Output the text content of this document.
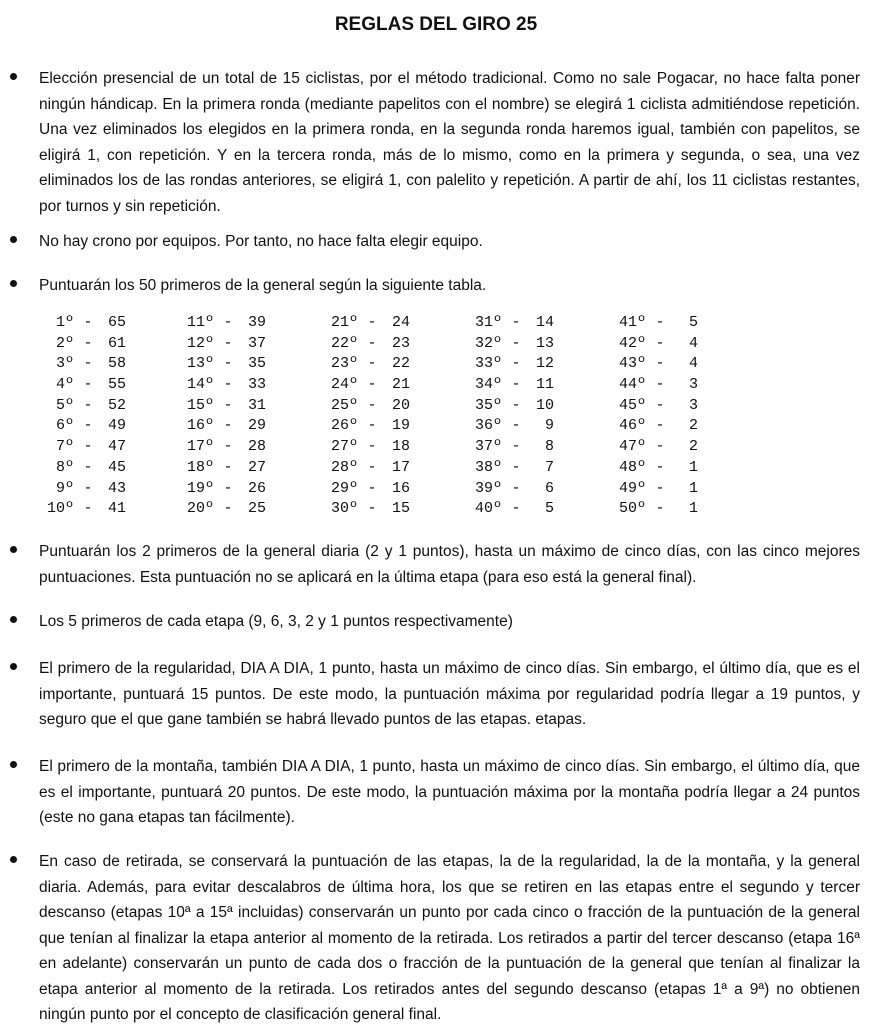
REGLAS DEL GIRO 25
Elección presencial de un total de 15 ciclistas, por el método tradicional. Como no sale Pogacar, no hace falta poner ningún hándicap. En la primera ronda (mediante papelitos con el nombre) se elegirá 1 ciclista admitiéndose repetición. Una vez eliminados los elegidos en la primera ronda, en la segunda ronda haremos igual, también con papelitos, se eligirá 1, con repetición. Y en la tercera ronda, más de lo mismo, como en la primera y segunda, o sea, una vez eliminados los de las rondas anteriores, se eligirá 1, con palelito y repetición. A partir de ahí, los 11 ciclistas restantes, por turnos y sin repetición.
No hay crono por equipos. Por tanto, no hace falta elegir equipo.
Puntuarán los 50 primeros de la general según la siguiente tabla.
1º - 65
2º - 61
3º - 58
4º - 55
5º - 52
6º - 49
7º - 47
8º - 45
9º - 43
10º - 41
11º - 39
12º - 37
13º - 35
14º - 33
15º - 31
16º - 29
17º - 28
18º - 27
19º - 26
20º - 25
21º - 24
22º - 23
23º - 22
24º - 21
25º - 20
26º - 19
27º - 18
28º - 17
29º - 16
30º - 15
31º - 14
32º - 13
33º - 12
34º - 11
35º - 10
36º - 9
37º - 8
38º - 7
39º - 6
40º - 5
41º - 5
42º - 4
43º - 4
44º - 3
45º - 3
46º - 2
47º - 2
48º - 1
49º - 1
50º - 1
Puntuarán los 2 primeros de la general diaria (2 y 1 puntos), hasta un máximo de cinco días, con las cinco mejores puntuaciones. Esta puntuación no se aplicará en la última etapa (para eso está la general final).
Los 5 primeros de cada etapa (9, 6, 3, 2 y 1 puntos respectivamente)
El primero de la regularidad, DIA A DIA, 1 punto, hasta un máximo de cinco días. Sin embargo, el último día, que es el importante, puntuará 15 puntos. De este modo, la puntuación máxima por regularidad podría llegar a 19 puntos, y seguro que el que gane también se habrá llevado puntos de las etapas. etapas.
El primero de la montaña, también DIA A DIA, 1 punto, hasta un máximo de cinco días. Sin embargo, el último día, que es el importante, puntuará 20 puntos. De este modo, la puntuación máxima por la montaña podría llegar a 24 puntos (este no gana etapas tan fácilmente).
En caso de retirada, se conservará la puntuación de las etapas, la de la regularidad, la de la montaña, y la general diaria. Además, para evitar descalabros de última hora, los que se retiren en las etapas entre el segundo y tercer descanso (etapas 10ª a 15ª incluidas) conservarán un punto por cada cinco o fracción de la puntuación de la general que tenían al finalizar la etapa anterior al momento de la retirada. Los retirados a partir del tercer descanso (etapa 16ª en adelante) conservarán un punto de cada dos o fracción de la puntuación de la general que tenían al finalizar la etapa anterior al momento de la retirada. Los retirados antes del segundo descanso (etapas 1ª a 9ª) no obtienen ningún punto por el concepto de clasificación general final.
